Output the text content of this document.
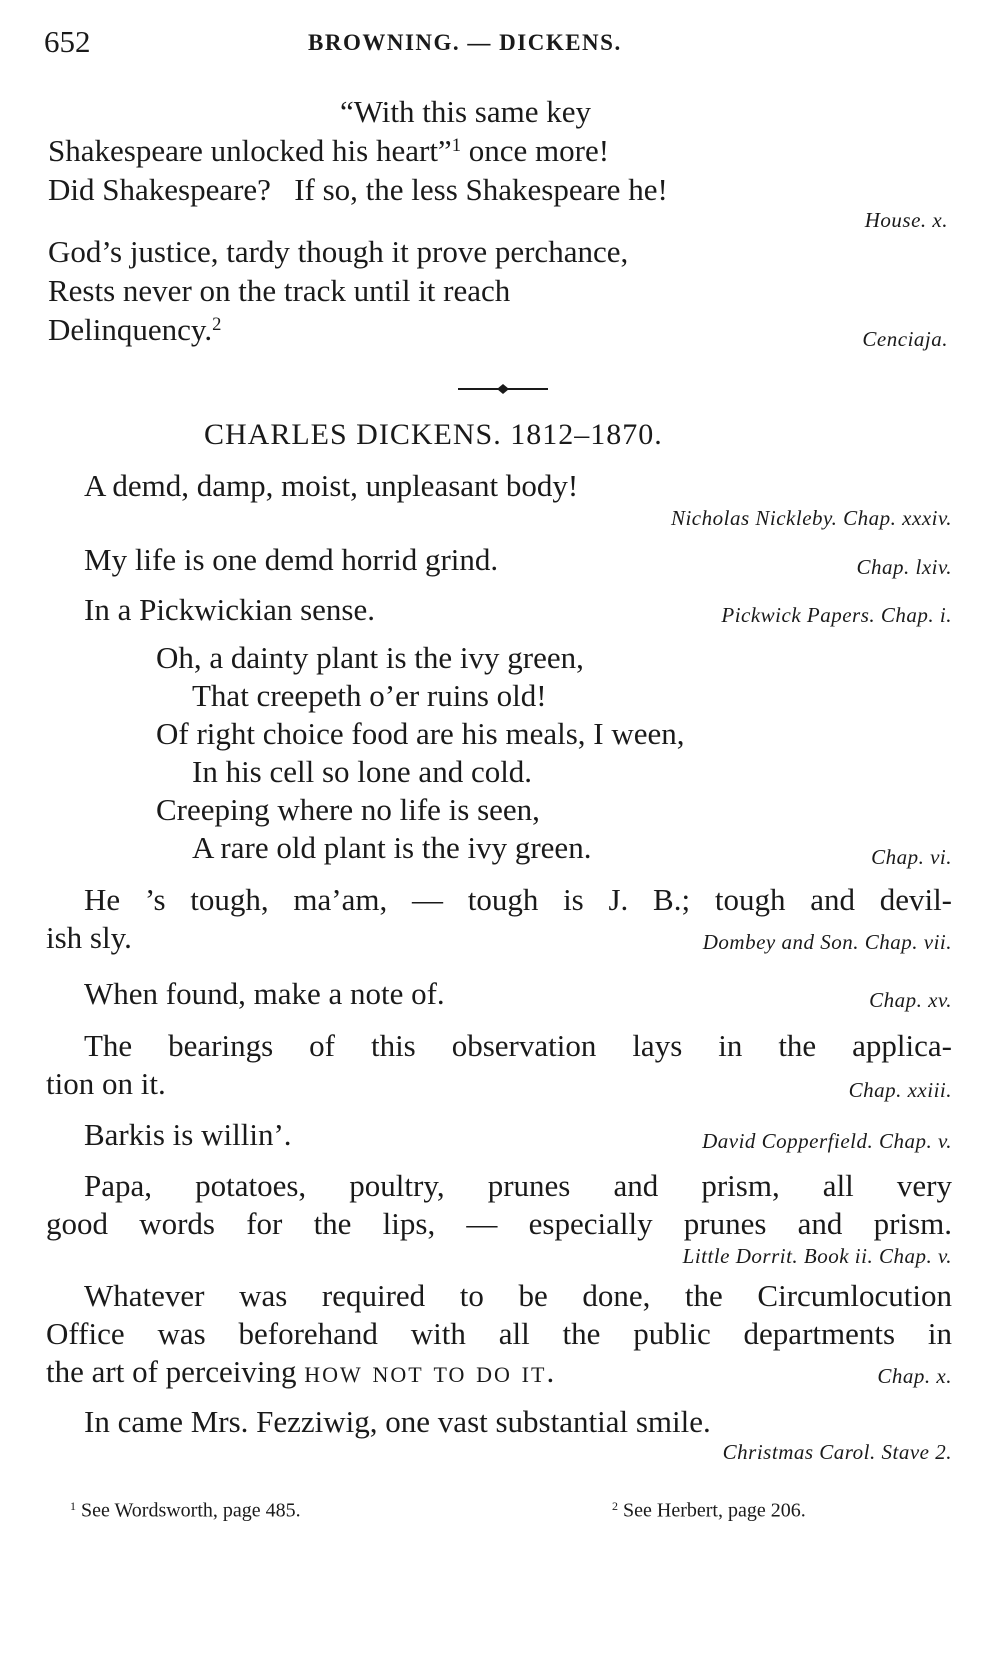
652	BROWNING. — DICKENS.
“With this same key
Shakespeare unlocked his heart”$^1$ once more!
Did Shakespeare? If so, the less Shakespeare he!
House. x.
God’s justice, tardy though it prove perchance,
Rests never on the track until it reach
Delinquency.$^2$
Cenciaja.
CHARLES DICKENS. 1812–1870.
A demd, damp, moist, unpleasant body!
Nicholas Nickleby. Chap. xxxiv.
My life is one demd horrid grind.	Chap. lxiv.
In a Pickwickian sense.	Pickwick Papers. Chap. i.
Oh, a dainty plant is the ivy green,
That creepeth o’er ruins old!
Of right choice food are his meals, I ween,
In his cell so lone and cold.
Creeping where no life is seen,
A rare old plant is the ivy green.	Chap. vi.
He ’s tough, ma’am, — tough is J. B.; tough and devil-
ish sly.	Dombey and Son. Chap. vii.
When found, make a note of.	Chap. xv.
The bearings of this observation lays in the applica-
tion on it.	Chap. xxiii.
Barkis is willin’.	David Copperfield. Chap. v.
Papa, potatoes, poultry, prunes and prism, all very
good words for the lips, — especially prunes and prism.
Little Dorrit. Book ii. Chap. v.
Whatever was required to be done, the Circumlocution
Office was beforehand with all the public departments in
the art of perceiving how not to do it.	Chap. x.
In came Mrs. Fezziwig, one vast substantial smile.
Christmas Carol. Stave 2.
$^1$ See Wordsworth, page 485.	$^2$ See Herbert, page 206.
